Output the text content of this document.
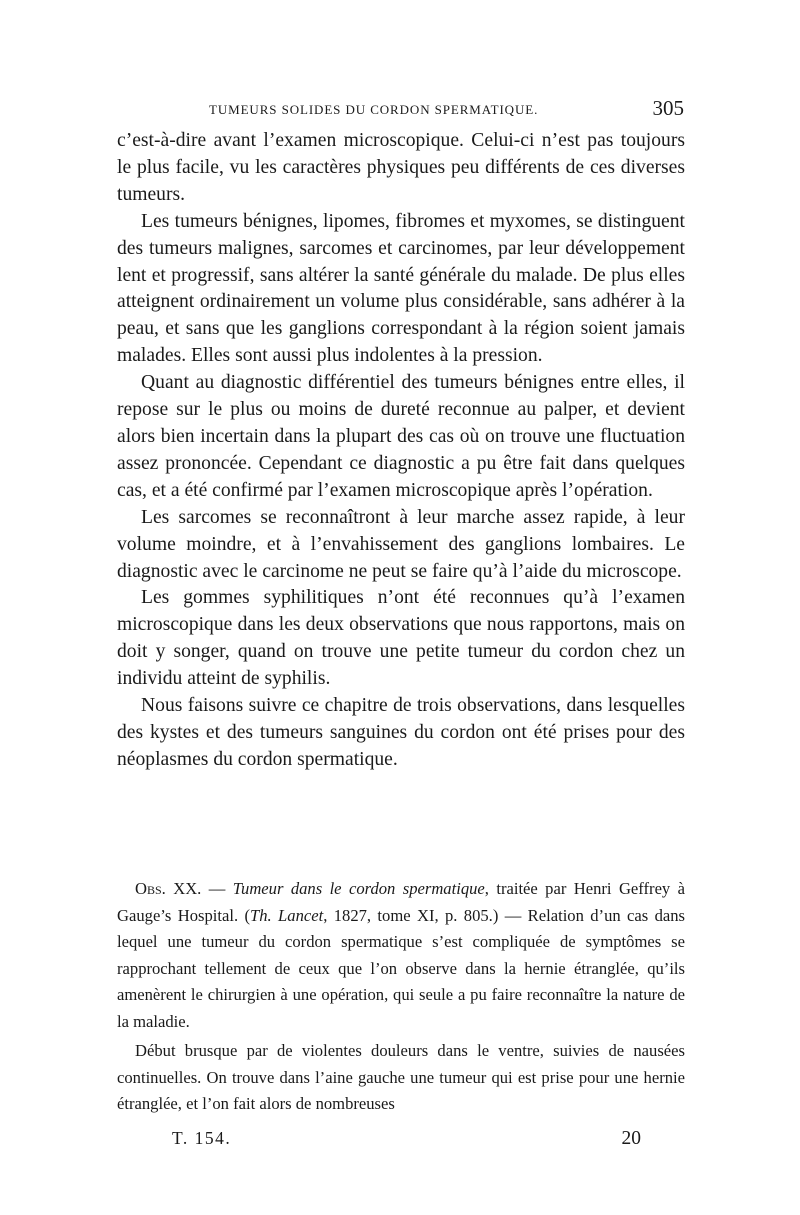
TUMEURS SOLIDES DU CORDON SPERMATIQUE.	305

c’est-à-dire avant l’examen microscopique. Celui-ci n’est pas toujours le plus facile, vu les caractères physiques peu différents de ces diverses tumeurs.

Les tumeurs bénignes, lipomes, fibromes et myxomes, se distinguent des tumeurs malignes, sarcomes et carcinomes, par leur développement lent et progressif, sans altérer la santé générale du malade. De plus elles atteignent ordinairement un volume plus considérable, sans adhérer à la peau, et sans que les ganglions correspondant à la région soient jamais malades. Elles sont aussi plus indolentes à la pression.

Quant au diagnostic différentiel des tumeurs bénignes entre elles, il repose sur le plus ou moins de dureté reconnue au palper, et devient alors bien incertain dans la plupart des cas où on trouve une fluctuation assez prononcée. Cependant ce diagnostic a pu être fait dans quelques cas, et a été confirmé par l’examen microscopique après l’opération.

Les sarcomes se reconnaîtront à leur marche assez rapide, à leur volume moindre, et à l’envahissement des ganglions lombaires. Le diagnostic avec le carcinome ne peut se faire qu’à l’aide du microscope.

Les gommes syphilitiques n’ont été reconnues qu’à l’examen microscopique dans les deux observations que nous rapportons, mais on doit y songer, quand on trouve une petite tumeur du cordon chez un individu atteint de syphilis.

Nous faisons suivre ce chapitre de trois observations, dans lesquelles des kystes et des tumeurs sanguines du cordon ont été prises pour des néoplasmes du cordon spermatique.

Obs. XX. — Tumeur dans le cordon spermatique, traitée par Henri Geffrey à Gauge’s Hospital. (Th. Lancet, 1827, tome XI, p. 805.) — Relation d’un cas dans lequel une tumeur du cordon spermatique s’est compliquée de symptômes se rapprochant tellement de ceux que l’on observe dans la hernie étranglée, qu’ils amenèrent le chirurgien à une opération, qui seule a pu faire reconnaître la nature de la maladie.

Début brusque par de violentes douleurs dans le ventre, suivies de nausées continuelles. On trouve dans l’aine gauche une tumeur qui est prise pour une hernie étranglée, et l’on fait alors de nombreuses

T. 154.	20
